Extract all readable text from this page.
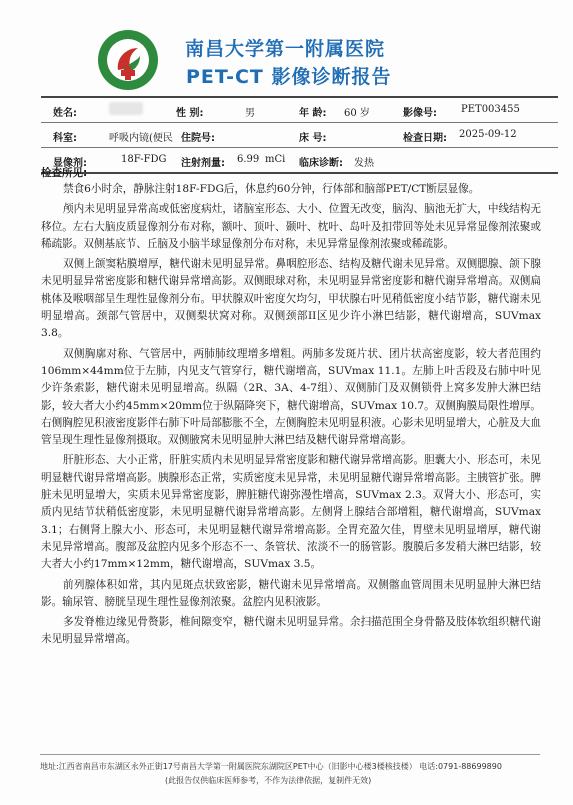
南昌大学第一附属医院
PET-CT 影像诊断报告
姓名:	性 别:	男	年 龄: 60 岁	影像号: PET003455
科室:	呼吸内镜(便民 住院号:	床 号:	检查日期: 2025-09-12
显像剂:	18F-FDG 注射剂量: 6.99 mCi 临床诊断: 发热
检查所见:

禁食6小时余，静脉注射18F-FDG后，休息约60分钟，行体部和脑部PET/CT断层显像。

颅内未见明显异常高或低密度病灶，诸脑室形态、大小、位置无改变，脑沟、脑池无扩大，中线结构无移位。左右大脑皮质显像剂分布对称，额叶、顶叶、颞叶、枕叶、岛叶及扣带回等处未见异常显像剂浓聚或稀疏影。双侧基底节、丘脑及小脑半球显像剂分布对称，未见异常显像剂浓聚或稀疏影。

双侧上颌窦粘膜增厚，糖代谢未见明显异常。鼻咽腔形态、结构及糖代谢未见异常。双侧腮腺、颌下腺未见明显异常密度影和糖代谢异常增高影。双侧眼球对称，未见明显异常密度影和糖代谢异常增高。双侧扁桃体及喉咽部呈生理性显像剂分布。甲状腺双叶密度欠均匀，甲状腺右叶见稍低密度小结节影，糖代谢未见明显增高。颈部气管居中，双侧梨状窝对称。双侧颈部II区见少许小淋巴结影，糖代谢增高，SUVmax 3.8。

双侧胸廓对称、气管居中，两肺肺纹理增多增粗。两肺多发斑片状、团片状高密度影，较大者范围约106mm×44mm位于左肺，内见支气管穿行，糖代谢增高，SUVmax 11.1。左肺上叶舌段及右肺中叶见少许条索影，糖代谢未见明显增高。纵隔（2R、3A、4-7组）、双侧肺门及双侧锁骨上窝多发肿大淋巴结影，较大者大小约45mm×20mm位于纵隔降突下，糖代谢增高，SUVmax 10.7。双侧胸膜局限性增厚。右侧胸腔见积液密度影伴右肺下叶局部膨胀不全，左侧胸腔未见明显积液。心影未见明显增大，心脏及大血管呈现生理性显像剂摄取。双侧腋窝未见明显肿大淋巴结及糖代谢异常增高影。

肝脏形态、大小正常，肝脏实质内未见明显异常密度影和糖代谢异常增高影。胆囊大小、形态可，未见明显糖代谢异常增高影。胰腺形态正常，实质密度未见异常，未见明显糖代谢异常增高影。主胰管扩张。脾脏未见明显增大，实质未见异常密度影，脾脏糖代谢弥漫性增高，SUVmax 2.3。双肾大小、形态可，实质内见结节状稍低密度影，未见明显糖代谢异常增高影。左侧肾上腺结合部增粗，糖代谢增高，SUVmax 3.1；右侧肾上腺大小、形态可，未见明显糖代谢异常增高影。全胃充盈欠佳，胃壁未见明显增厚，糖代谢未见异常增高。腹部及盆腔内见多个形态不一、条管状、浓淡不一的肠管影。腹膜后多发稍大淋巴结影，较大者大小约17mm×12mm，糖代谢增高，SUVmax 3.5。

前列腺体积如常，其内见斑点状致密影，糖代谢未见异常增高。双侧髂血管周围未见明显肿大淋巴结影。输尿管、膀胱呈现生理性显像剂浓聚。盆腔内见积液影。

多发脊椎边缘见骨赘影，椎间隙变窄，糖代谢未见明显异常。余扫描范围全身骨骼及肢体软组织糖代谢未见明显异常增高。

地址:江西省南昌市东湖区永外正街17号南昌大学第一附属医院东湖院区PET中心（旧影中心楼3楼核技楼） 电话:0791-88699890
(此报告仅供临床医师参考，不作为法律依据，复制件无效)
